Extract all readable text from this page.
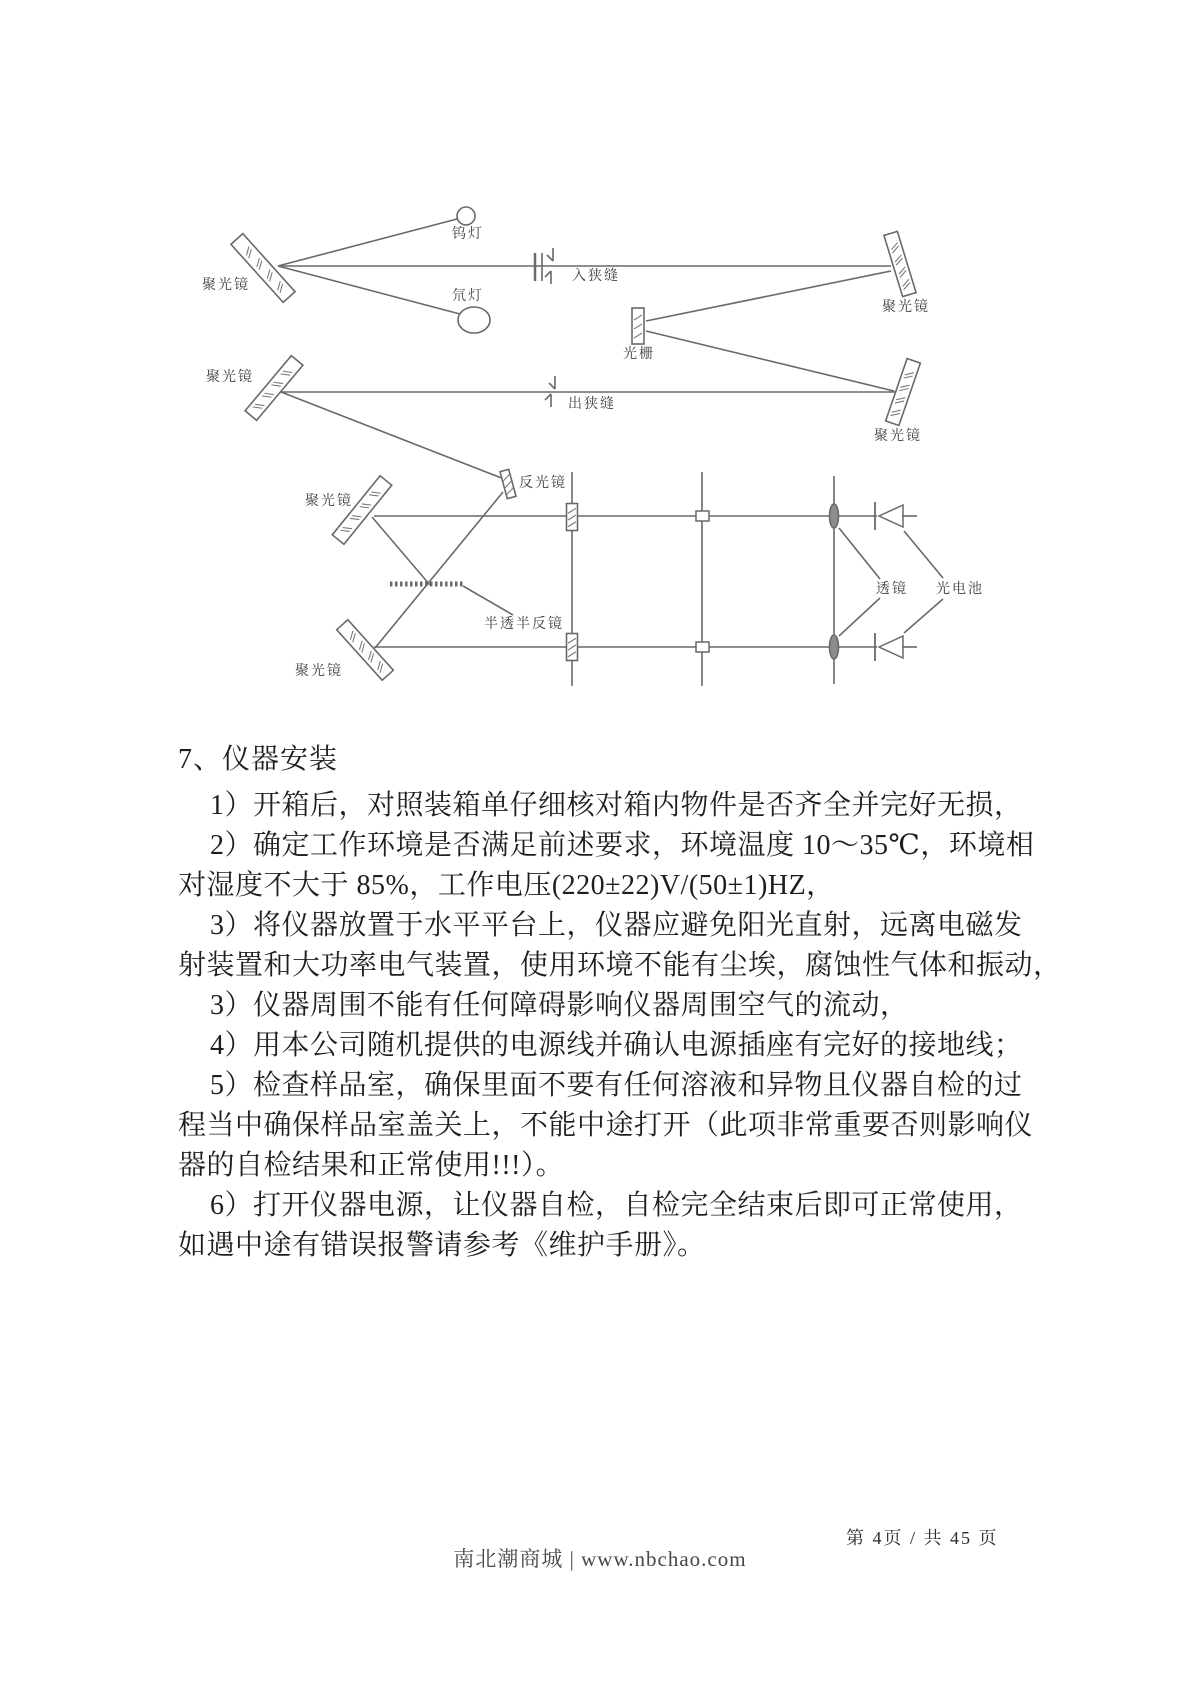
聚光镜
钨灯
氘灯
入狭缝
聚光镜
光栅
聚光镜
出狭缝
聚光镜
反光镜
聚光镜
半透半反镜
聚光镜
透镜 光电池
7、仪器安装
1）开箱后，对照装箱单仔细核对箱内物件是否齐全并完好无损，
2）确定工作环境是否满足前述要求，环境温度 10～35℃，环境相
对湿度不大于 85%，工作电压(220±22)V/(50±1)HZ，
3）将仪器放置于水平平台上，仪器应避免阳光直射，远离电磁发
射装置和大功率电气装置，使用环境不能有尘埃，腐蚀性气体和振动，
3）仪器周围不能有任何障碍影响仪器周围空气的流动，
4）用本公司随机提供的电源线并确认电源插座有完好的接地线；
5）检查样品室，确保里面不要有任何溶液和异物且仪器自检的过
程当中确保样品室盖关上，不能中途打开（此项非常重要否则影响仪
器的自检结果和正常使用!!!）。
6）打开仪器电源，让仪器自检，自检完全结束后即可正常使用，
如遇中途有错误报警请参考《维护手册》。
第 4页 / 共 45 页
南北潮商城 | www.nbchao.com
